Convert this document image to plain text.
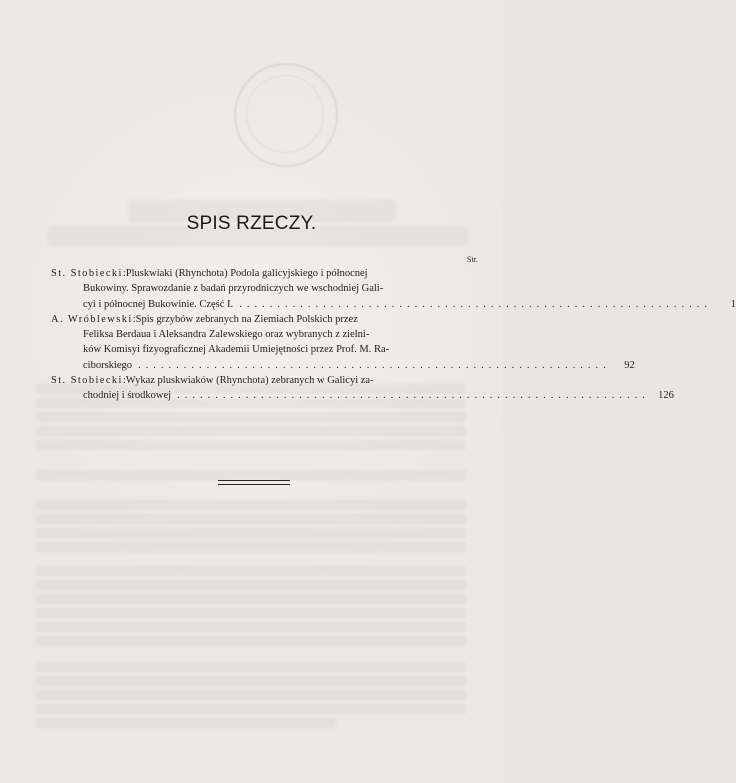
SPIS RZECZY.
Str.
St. Stobiecki: Pluskwiaki (Rhynchota) Podola galicyjskiego i północnej
Bukowiny. Sprawozdanie z badań przyrodniczych we wschodniej Gali-
cyi i północnej Bukowinie. Część I. ..............................................................	1
A. Wróblewski: Spis grzybów zebranych na Ziemiach Polskich przez
Feliksa Berdaua i Aleksandra Zalewskiego oraz wybranych z zielni-
ków Komisyi fizyograficznej Akademii Umiejętności przez Prof. M. Ra-
ciborskiego ..............................................................	92
St. Stobiecki: Wykaz pluskwiaków (Rhynchota) zebranych w Galicyi za-
chodniej i środkowej .............................................................. 126
